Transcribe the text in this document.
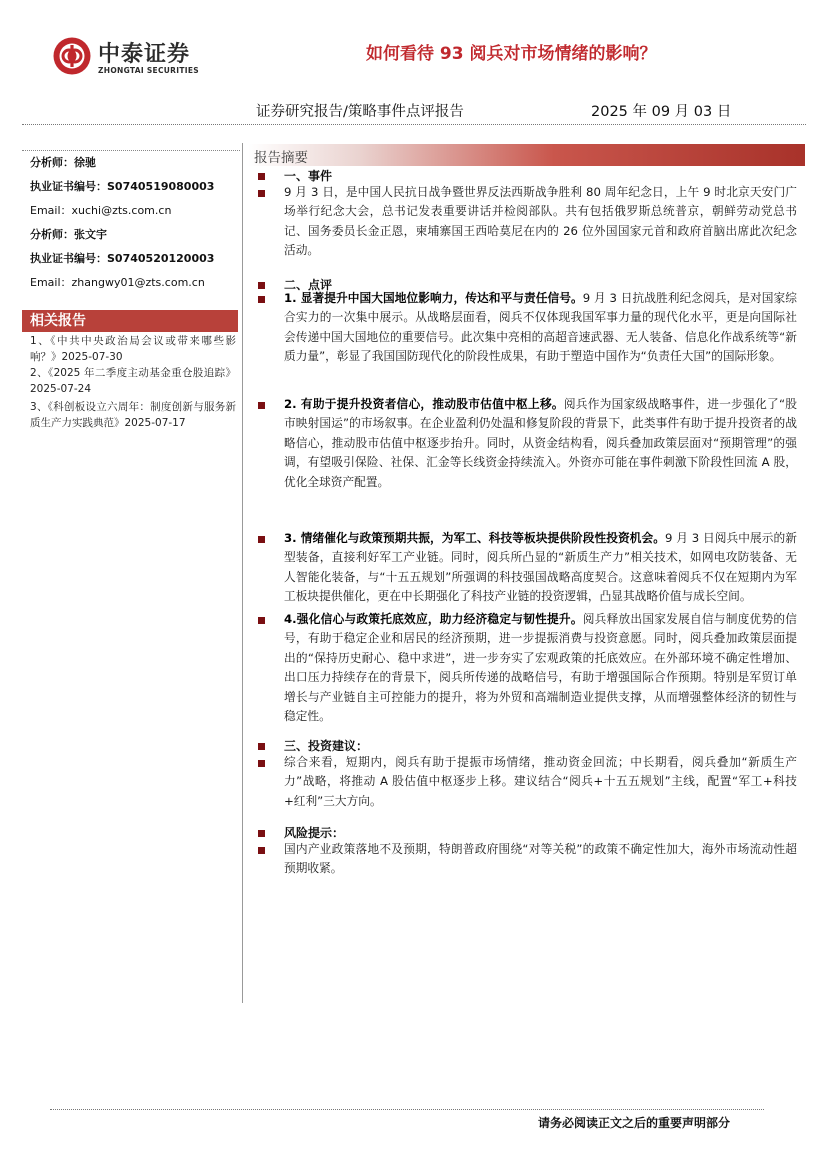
中泰证券
ZHONGTAI SECURITIES
如何看待 93 阅兵对市场情绪的影响？
证券研究报告/策略事件点评报告	2025 年 09 月 03 日
分析师：徐驰
执业证书编号：S0740519080003
Email：xuchi@zts.com.cn
分析师：张文宇
执业证书编号：S0740520120003
Email：zhangwy01@zts.com.cn
相关报告
1、《中共中央政治局会议或带来哪些影响？》2025-07-30
2、《2025 年二季度主动基金重仓股追踪》2025-07-24
3、《科创板设立六周年：制度创新与服务新质生产力实践典范》2025-07-17
报告摘要
一、事件
9 月 3 日，是中国人民抗日战争暨世界反法西斯战争胜利 80 周年纪念日，上午 9 时北京天安门广场举行纪念大会，总书记发表重要讲话并检阅部队。共有包括俄罗斯总统普京，朝鲜劳动党总书记、国务委员长金正恩，柬埔寨国王西哈莫尼在内的 26 位外国国家元首和政府首脑出席此次纪念活动。
二、点评
1. 显著提升中国大国地位影响力，传达和平与责任信号。9 月 3 日抗战胜利纪念阅兵，是对国家综合实力的一次集中展示。从战略层面看，阅兵不仅体现我国军事力量的现代化水平，更是向国际社会传递中国大国地位的重要信号。此次集中亮相的高超音速武器、无人装备、信息化作战系统等“新质力量”，彰显了我国国防现代化的阶段性成果，有助于塑造中国作为“负责任大国”的国际形象。
2. 有助于提升投资者信心，推动股市估值中枢上移。阅兵作为国家级战略事件，进一步强化了“股市映射国运”的市场叙事。在企业盈利仍处温和修复阶段的背景下，此类事件有助于提升投资者的战略信心，推动股市估值中枢逐步抬升。同时，从资金结构看，阅兵叠加政策层面对“预期管理”的强调，有望吸引保险、社保、汇金等长线资金持续流入。外资亦可能在事件刺激下阶段性回流 A 股，优化全球资产配置。
3. 情绪催化与政策预期共振，为军工、科技等板块提供阶段性投资机会。9 月 3 日阅兵中展示的新型装备，直接利好军工产业链。同时，阅兵所凸显的“新质生产力”相关技术，如网电攻防装备、无人智能化装备，与“十五五规划”所强调的科技强国战略高度契合。这意味着阅兵不仅在短期内为军工板块提供催化，更在中长期强化了科技产业链的投资逻辑，凸显其战略价值与成长空间。
4.强化信心与政策托底效应，助力经济稳定与韧性提升。阅兵释放出国家发展自信与制度优势的信号，有助于稳定企业和居民的经济预期，进一步提振消费与投资意愿。同时，阅兵叠加政策层面提出的“保持历史耐心、稳中求进”，进一步夯实了宏观政策的托底效应。在外部环境不确定性增加、出口压力持续存在的背景下，阅兵所传递的战略信号，有助于增强国际合作预期。特别是军贸订单增长与产业链自主可控能力的提升，将为外贸和高端制造业提供支撑，从而增强整体经济的韧性与稳定性。
三、投资建议：
综合来看，短期内，阅兵有助于提振市场情绪，推动资金回流；中长期看，阅兵叠加“新质生产力”战略，将推动 A 股估值中枢逐步上移。建议结合“阅兵+十五五规划”主线，配置“军工+科技+红利”三大方向。
风险提示：
国内产业政策落地不及预期，特朗普政府围绕“对等关税”的政策不确定性加大，海外市场流动性超预期收紧。
请务必阅读正文之后的重要声明部分
